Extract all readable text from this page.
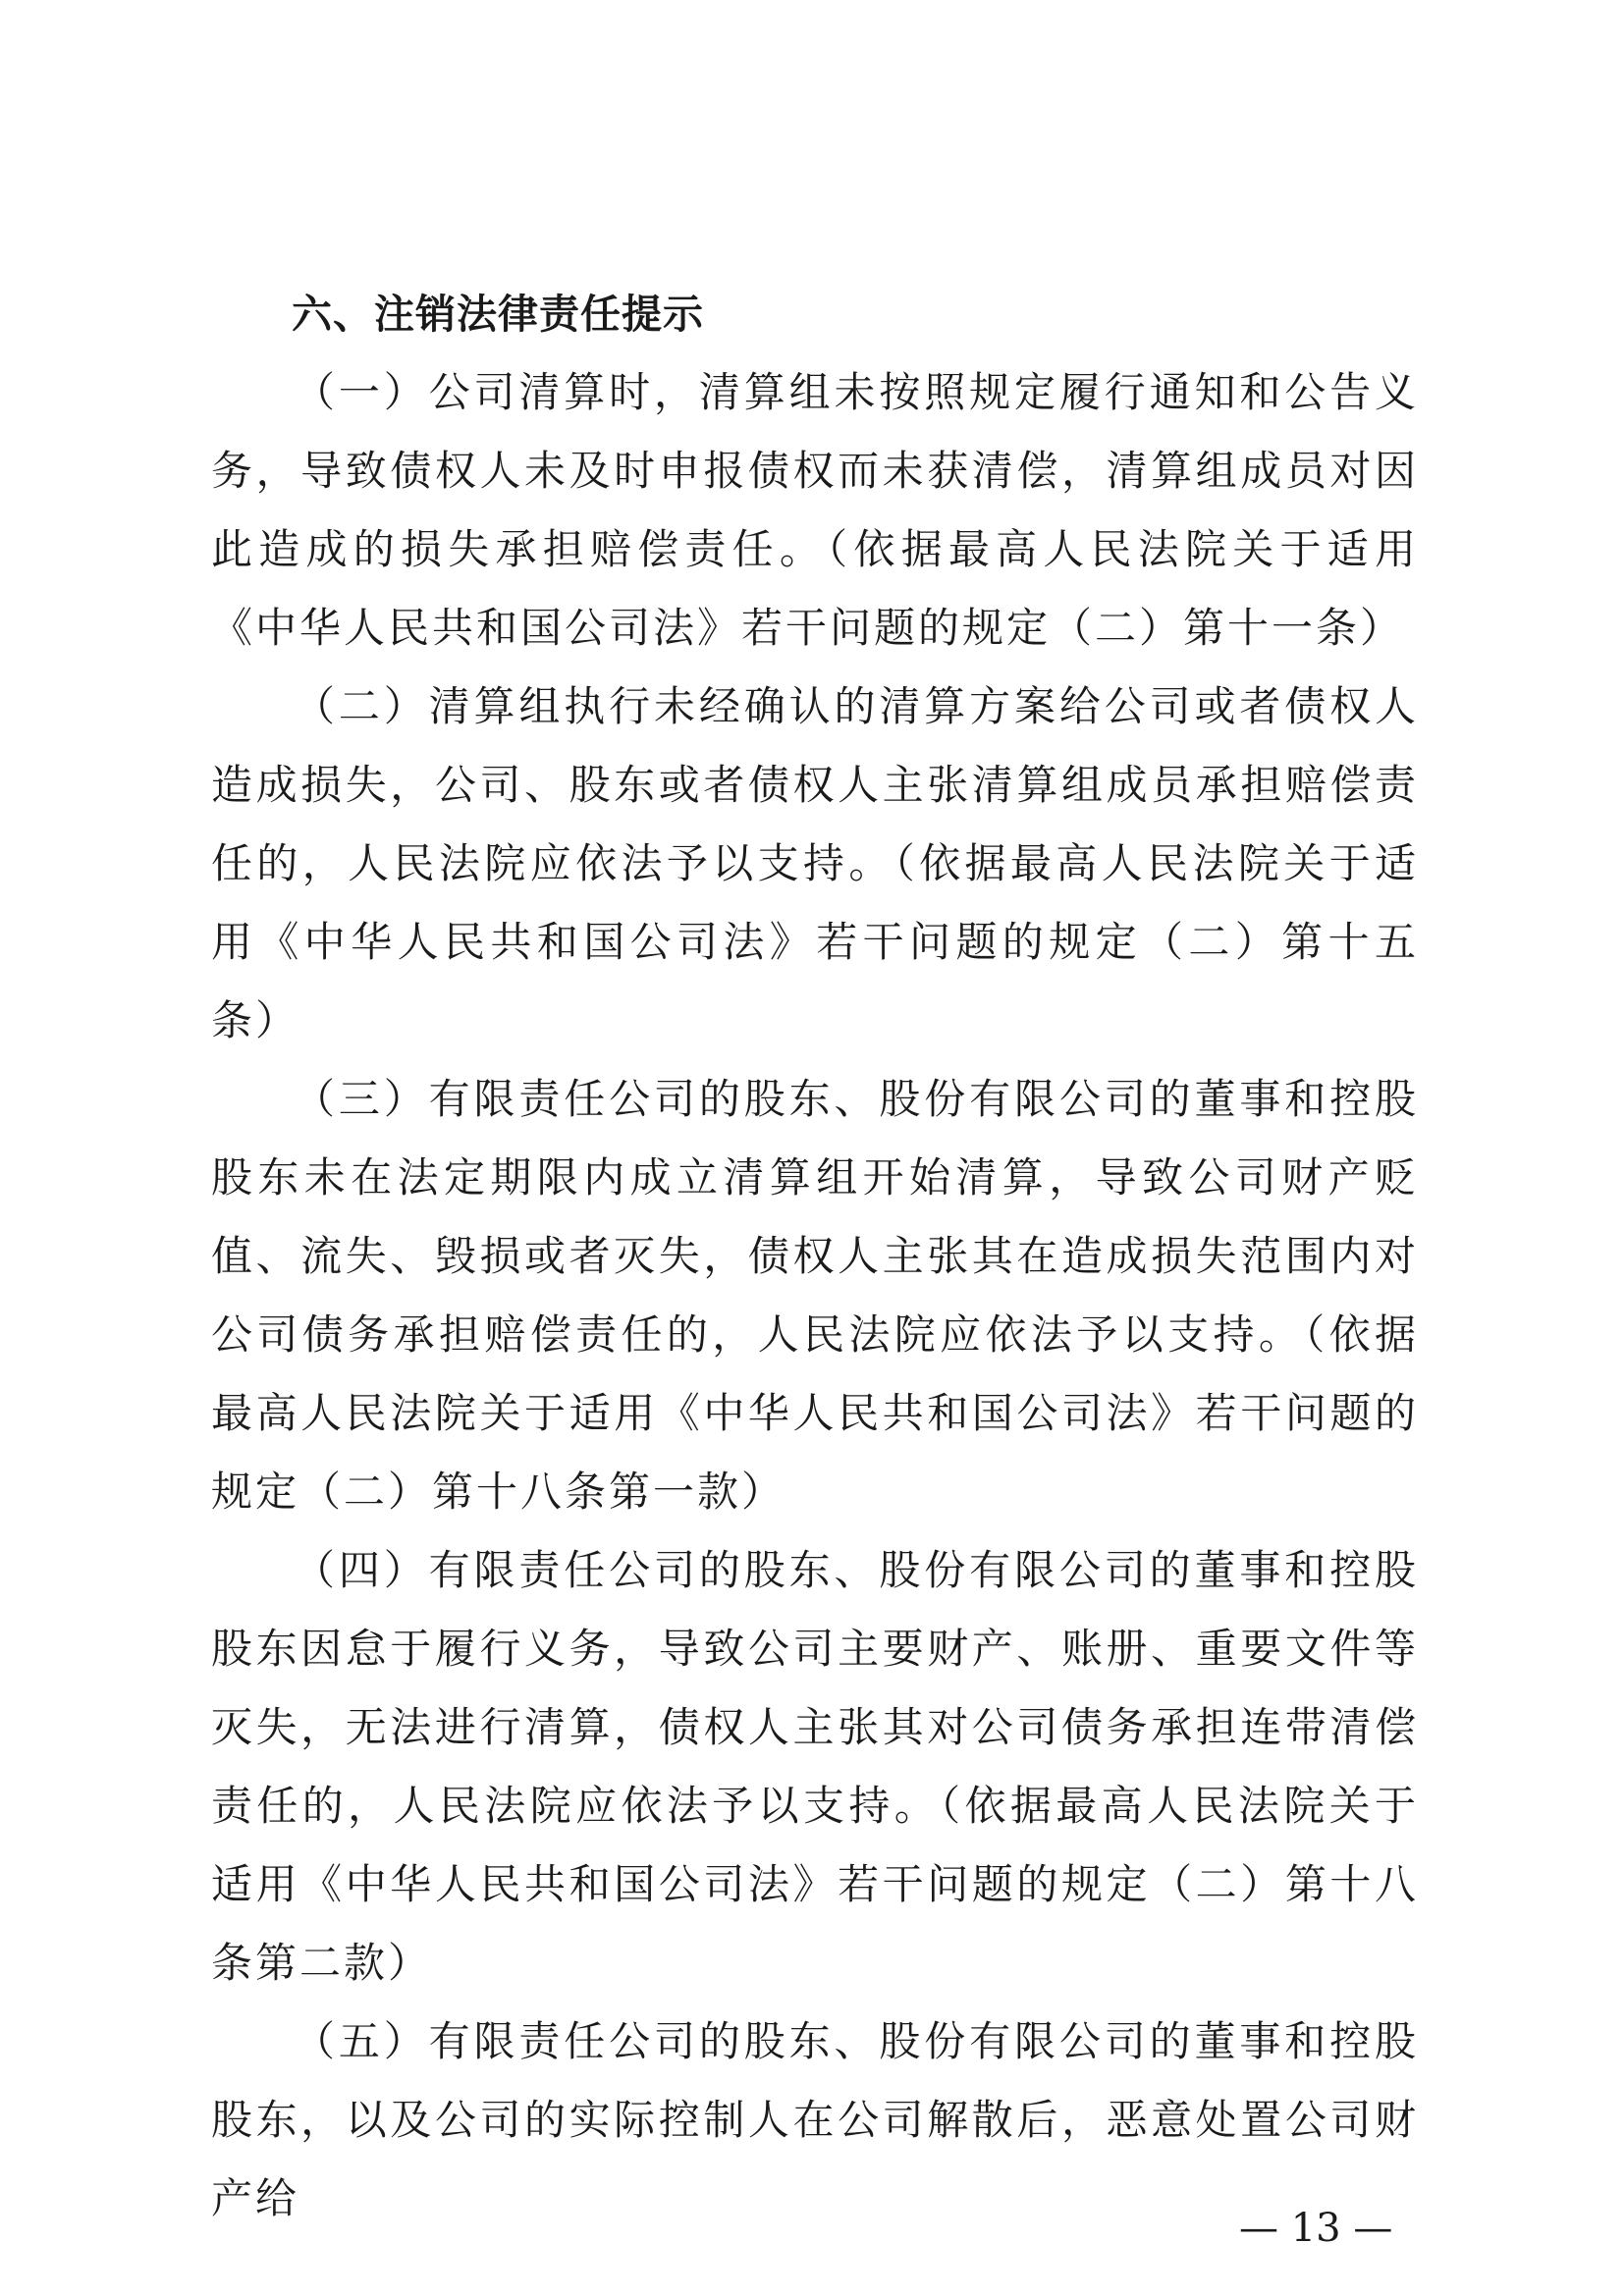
六、注销法律责任提示

（一）公司清算时，清算组未按照规定履行通知和公告义务，导致债权人未及时申报债权而未获清偿，清算组成员对因此造成的损失承担赔偿责任。（依据最高人民法院关于适用《中华人民共和国公司法》若干问题的规定（二）第十一条）

（二）清算组执行未经确认的清算方案给公司或者债权人造成损失，公司、股东或者债权人主张清算组成员承担赔偿责任的，人民法院应依法予以支持。（依据最高人民法院关于适用《中华人民共和国公司法》若干问题的规定（二）第十五条）

（三）有限责任公司的股东、股份有限公司的董事和控股股东未在法定期限内成立清算组开始清算，导致公司财产贬值、流失、毁损或者灭失，债权人主张其在造成损失范围内对公司债务承担赔偿责任的，人民法院应依法予以支持。（依据最高人民法院关于适用《中华人民共和国公司法》若干问题的规定（二）第十八条第一款）

（四）有限责任公司的股东、股份有限公司的董事和控股股东因怠于履行义务，导致公司主要财产、账册、重要文件等灭失，无法进行清算，债权人主张其对公司债务承担连带清偿责任的，人民法院应依法予以支持。（依据最高人民法院关于适用《中华人民共和国公司法》若干问题的规定（二）第十八条第二款）

（五）有限责任公司的股东、股份有限公司的董事和控股股东，以及公司的实际控制人在公司解散后，恶意处置公司财产给

— 13 —
